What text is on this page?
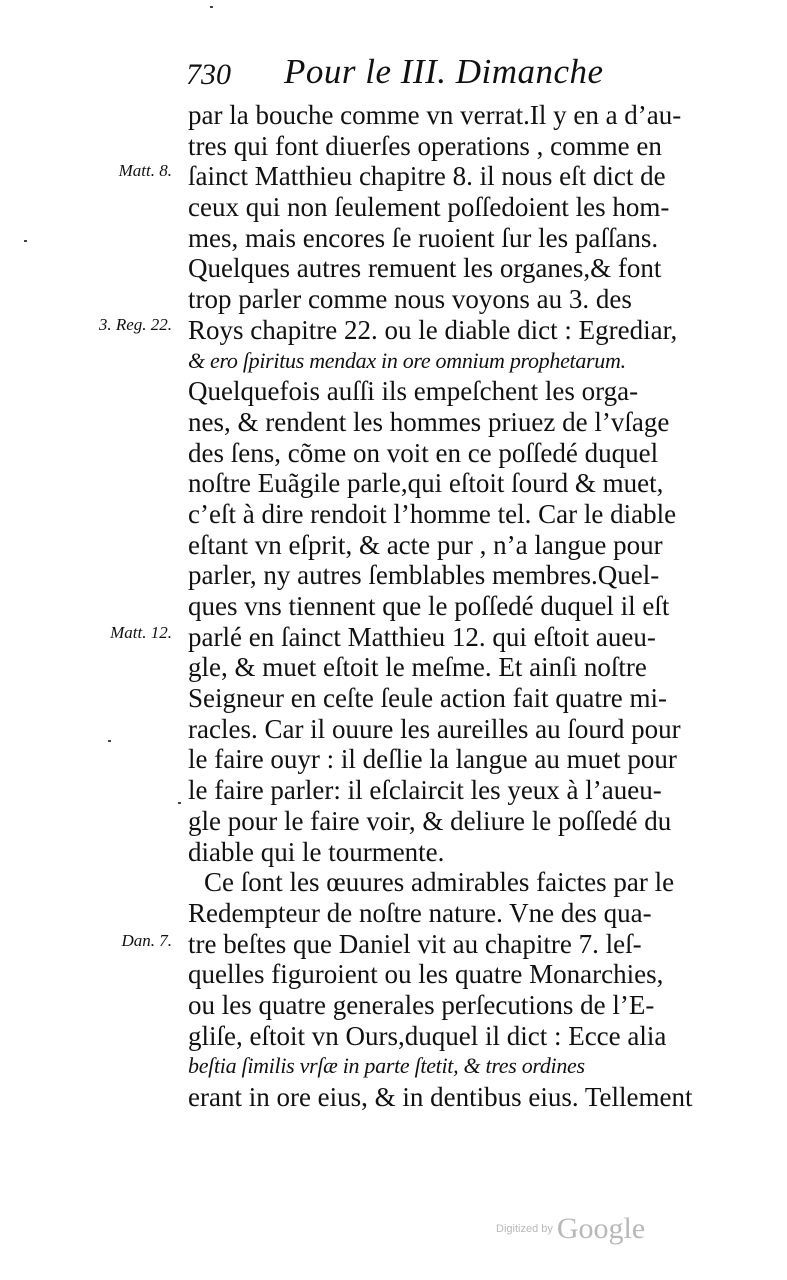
730 Pour le III. Dimanche
Matt. 8.
3. Reg. 22.
Matt. 12.
Dan. 7.
par la bouche comme vn verrat.Il y en a d’au-
tres qui font diuerſes operations , comme en
ſainct Matthieu chapitre 8. il nous eſt dict de
ceux qui non ſeulement poſſedoient les hom-
mes, mais encores ſe ruoient ſur les paſſans.
Quelques autres remuent les organes,& font
trop parler comme nous voyons au 3. des
Roys chapitre 22. ou le diable dict : Egrediar,
& ero ſpiritus mendax in ore omnium prophetarum.
Quelquefois auſſi ils empeſchent les orga-
nes, & rendent les hommes priuez de l’vſage
des ſens, cõme on voit en ce poſſedé duquel
noſtre Euãgile parle,qui eſtoit ſourd & muet,
c’eſt à dire rendoit l’homme tel. Car le diable
eſtant vn eſprit, & acte pur , n’a langue pour
parler, ny autres ſemblables membres.Quel-
ques vns tiennent que le poſſedé duquel il eſt
parlé en ſainct Matthieu 12. qui eſtoit aueu-
gle, & muet eſtoit le meſme. Et ainſi noſtre
Seigneur en ceſte ſeule action fait quatre mi-
racles. Car il ouure les aureilles au ſourd pour
le faire ouyr : il deſlie la langue au muet pour
le faire parler: il eſclaircit les yeux à l’aueu-
gle pour le faire voir, & deliure le poſſedé du
diable qui le tourmente.
Ce ſont les œuures admirables faictes par le
Redempteur de noſtre nature. Vne des qua-
tre beſtes que Daniel vit au chapitre 7. leſ-
quelles figuroient ou les quatre Monarchies,
ou les quatre generales perſecutions de l’E-
gliſe, eſtoit vn Ours,duquel il dict : Ecce alia
beſtia ſimilis vrſæ in parte ſtetit, & tres ordines
erant in ore eius, & in dentibus eius. Tellement
Digitized by Google
